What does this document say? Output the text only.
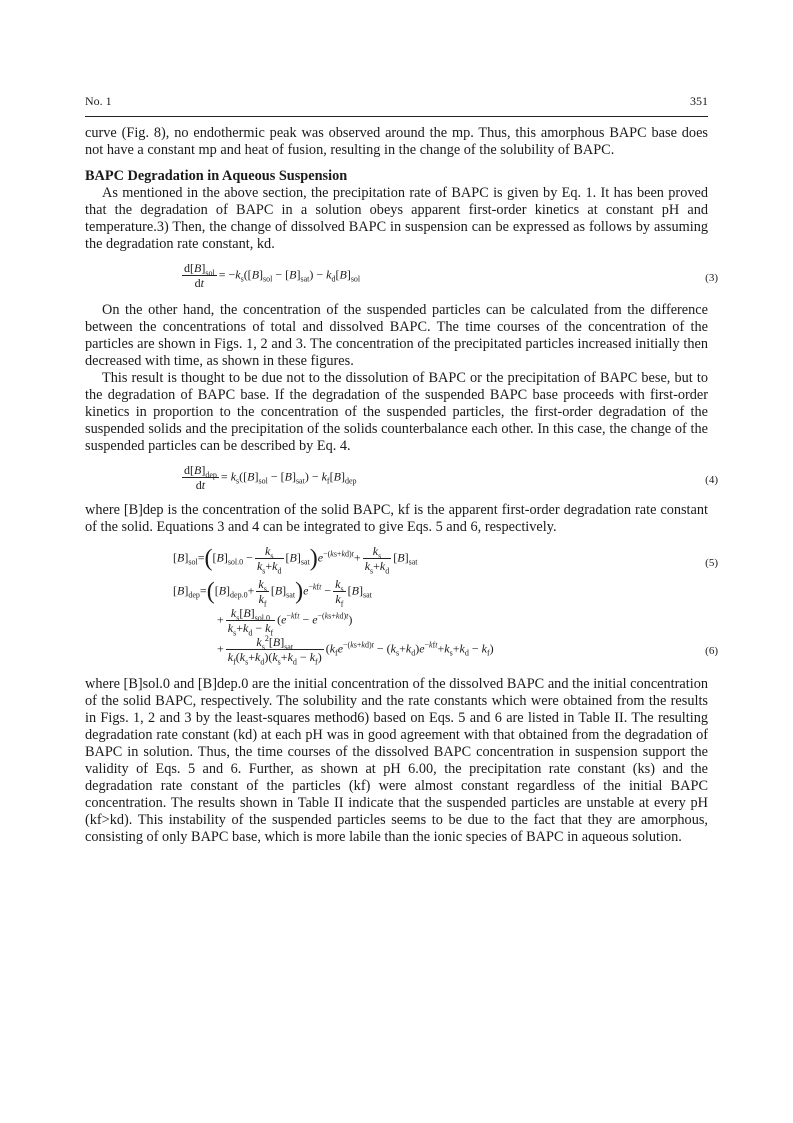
No. 1	351

curve (Fig. 8), no endothermic peak was observed around the mp. Thus, this amorphous BAPC base does not have a constant mp and heat of fusion, resulting in the change of the solubility of BAPC.

BAPC Degradation in Aqueous Suspension

As mentioned in the above section, the precipitation rate of BAPC is given by Eq. 1. It has been proved that the degradation of BAPC in a solution obeys apparent first-order kinetics at constant pH and temperature.3) Then, the change of dissolved BAPC in suspension can be expressed as follows by assuming the degradation rate constant, kd.

$\frac{d[B]_{sol}}{dt} = -k_s([B]_{sol} - [B]_{sat}) - k_d[B]_{sol}$	(3)

On the other hand, the concentration of the suspended particles can be calculated from the difference between the concentrations of total and dissolved BAPC. The time courses of the concentration of the particles are shown in Figs. 1, 2 and 3. The concentration of the precipitated particles increased initially then decreased with time, as shown in these figures.

This result is thought to be due not to the dissolution of BAPC or the precipitation of BAPC bese, but to the degradation of BAPC base. If the degradation of the suspended BAPC base proceeds with first-order kinetics in proportion to the concentration of the suspended particles, the first-order degradation of the suspended solids and the precipitation of the solids counterbalance each other. In this case, the change of the suspended particles can be described by Eq. 4.

$\frac{d[B]_{dep}}{dt} = k_s([B]_{sol} - [B]_{sat}) - k_f[B]_{dep}$	(4)

where [B]dep is the concentration of the solid BAPC, kf is the apparent first-order degradation rate constant of the solid. Equations 3 and 4 can be integrated to give Eqs. 5 and 6, respectively.

$[B]_{sol}=([B]_{sol.0} - \frac{k_s}{k_s+k_d} [B]_{sat})e^{-(ks+kd)t}+ \frac{k_s}{k_s+k_d} [B]_{sat}$	(5)
$[B]_{dep}=([B]_{dep.0}+ \frac{k_s}{k_f} [B]_{sat})e^{-kft} - \frac{k_s}{k_f} [B]_{sat}$
+ $\frac{k_s[B]_{sol.0}}{k_s+k_d - k_f} (e^{-kft} - e^{-(ks+kd)t})$
+ $\frac{k_s^2[B]_{sat}}{k_f(k_s+k_d)(k_s+k_d - k_f)} (k_fe^{-(ks+kd)t} - (k_s+k_d)e^{-kft}+k_s+k_d - k_f)$	(6)

where [B]sol.0 and [B]dep.0 are the initial concentration of the dissolved BAPC and the initial concentration of the solid BAPC, respectively. The solubility and the rate constants which were obtained from the results in Figs. 1, 2 and 3 by the least-squares method6) based on Eqs. 5 and 6 are listed in Table II. The resulting degradation rate constant (kd) at each pH was in good agreement with that obtained from the degradation of BAPC in solution. Thus, the time courses of the dissolved BAPC concentration in suspension support the validity of Eqs. 5 and 6. Further, as shown at pH 6.00, the precipitation rate constant (ks) and the degradation rate constant of the particles (kf) were almost constant regardless of the initial BAPC concentration. The results shown in Table II indicate that the suspended particles are unstable at every pH (kf>kd). This instability of the suspended particles seems to be due to the fact that they are amorphous, consisting of only BAPC base, which is more labile than the ionic species of BAPC in aqueous solution.
